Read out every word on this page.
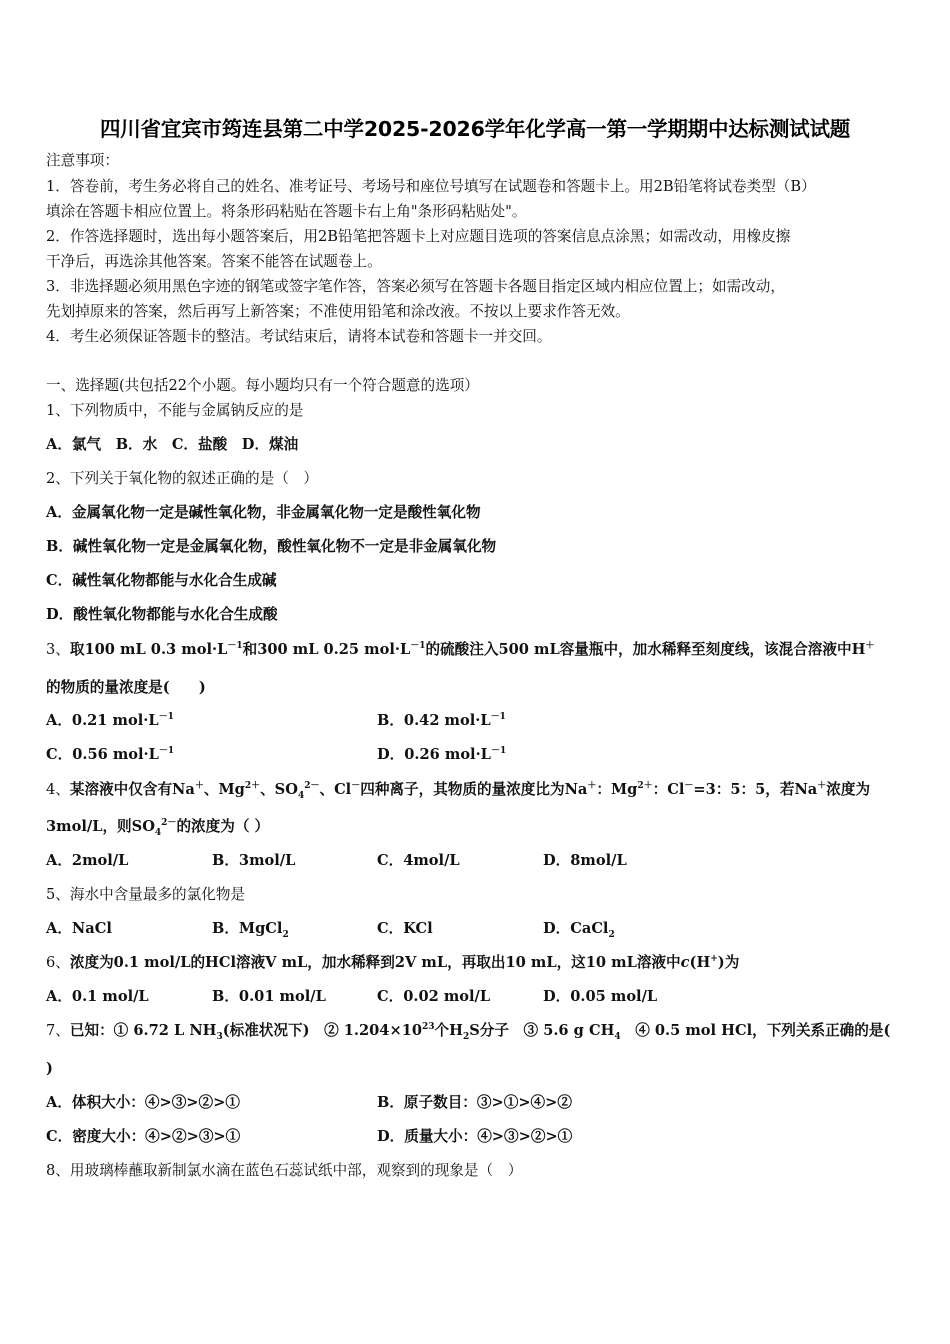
四川省宜宾市筠连县第二中学2025-2026学年化学高一第一学期期中达标测试试题
注意事项：
1．答卷前，考生务必将自己的姓名、准考证号、考场号和座位号填写在试题卷和答题卡上。用2B铅笔将试卷类型（B）
填涂在答题卡相应位置上。将条形码粘贴在答题卡右上角"条形码粘贴处"。
2．作答选择题时，选出每小题答案后，用2B铅笔把答题卡上对应题目选项的答案信息点涂黑；如需改动，用橡皮擦
干净后，再选涂其他答案。答案不能答在试题卷上。
3．非选择题必须用黑色字迹的钢笔或签字笔作答，答案必须写在答题卡各题目指定区域内相应位置上；如需改动，
先划掉原来的答案，然后再写上新答案；不准使用铅笔和涂改液。不按以上要求作答无效。
4．考生必须保证答题卡的整洁。考试结束后，请将本试卷和答题卡一并交回。
一、选择题(共包括22个小题。每小题均只有一个符合题意的选项）
1、下列物质中，不能与金属钠反应的是
A．氯气　B．水　C．盐酸　D．煤油
2、下列关于氧化物的叙述正确的是（　）
A．金属氧化物一定是碱性氧化物，非金属氧化物一定是酸性氧化物
B．碱性氧化物一定是金属氧化物，酸性氧化物不一定是非金属氧化物
C．碱性氧化物都能与水化合生成碱
D．酸性氧化物都能与水化合生成酸
3、取100 mL 0.3 $mol\cdot L^{-1}$和300 mL 0.25 $mol\cdot L^{-1}$的硫酸注入500 mL容量瓶中，加水稀释至刻度线，该混合溶液中H＋
的物质的量浓度是(　　)
A．0.21 $mol\cdot L^{-1}$	B．0.42 $mol\cdot L^{-1}$
C．0.56 $mol\cdot L^{-1}$	D．0.26 $mol\cdot L^{-1}$
4、某溶液中仅含有Na＋、$Mg^{2+}$、$SO_4^{2-}$、Cl－四种离子，其物质的量浓度比为Na＋：$Mg^{2+}$：Cl－=3：5：5，若Na＋浓度为
3mol/L，则$SO_4^{2-}$的浓度为（ ）
A．2mol/L	B．3mol/L	C．4mol/L	D．8mol/L
5、海水中含量最多的氯化物是
A．NaCl	B．MgCl$_2$	C．KCl	D．CaCl$_2$
6、浓度为0.1 mol/L的HCl溶液V mL，加水稀释到2V mL，再取出10 mL，这10 mL溶液中c(H+)为
A．0.1 mol/L	B．0.01 mol/L	C．0.02 mol/L	D．0.05 mol/L
7、已知：① 6.72 L $NH_3$(标准状况下)　② $1.204\times 10^{23}$个$H_2S$分子　③ 5.6 g $CH_4$　④ 0.5 mol HCl，下列关系正确的是(
)
A．体积大小：④>③>②>①	B．原子数目：③>①>④>②
C．密度大小：④>②>③>①	D．质量大小：④>③>②>①
8、用玻璃棒蘸取新制氯水滴在蓝色石蕊试纸中部，观察到的现象是（　）
